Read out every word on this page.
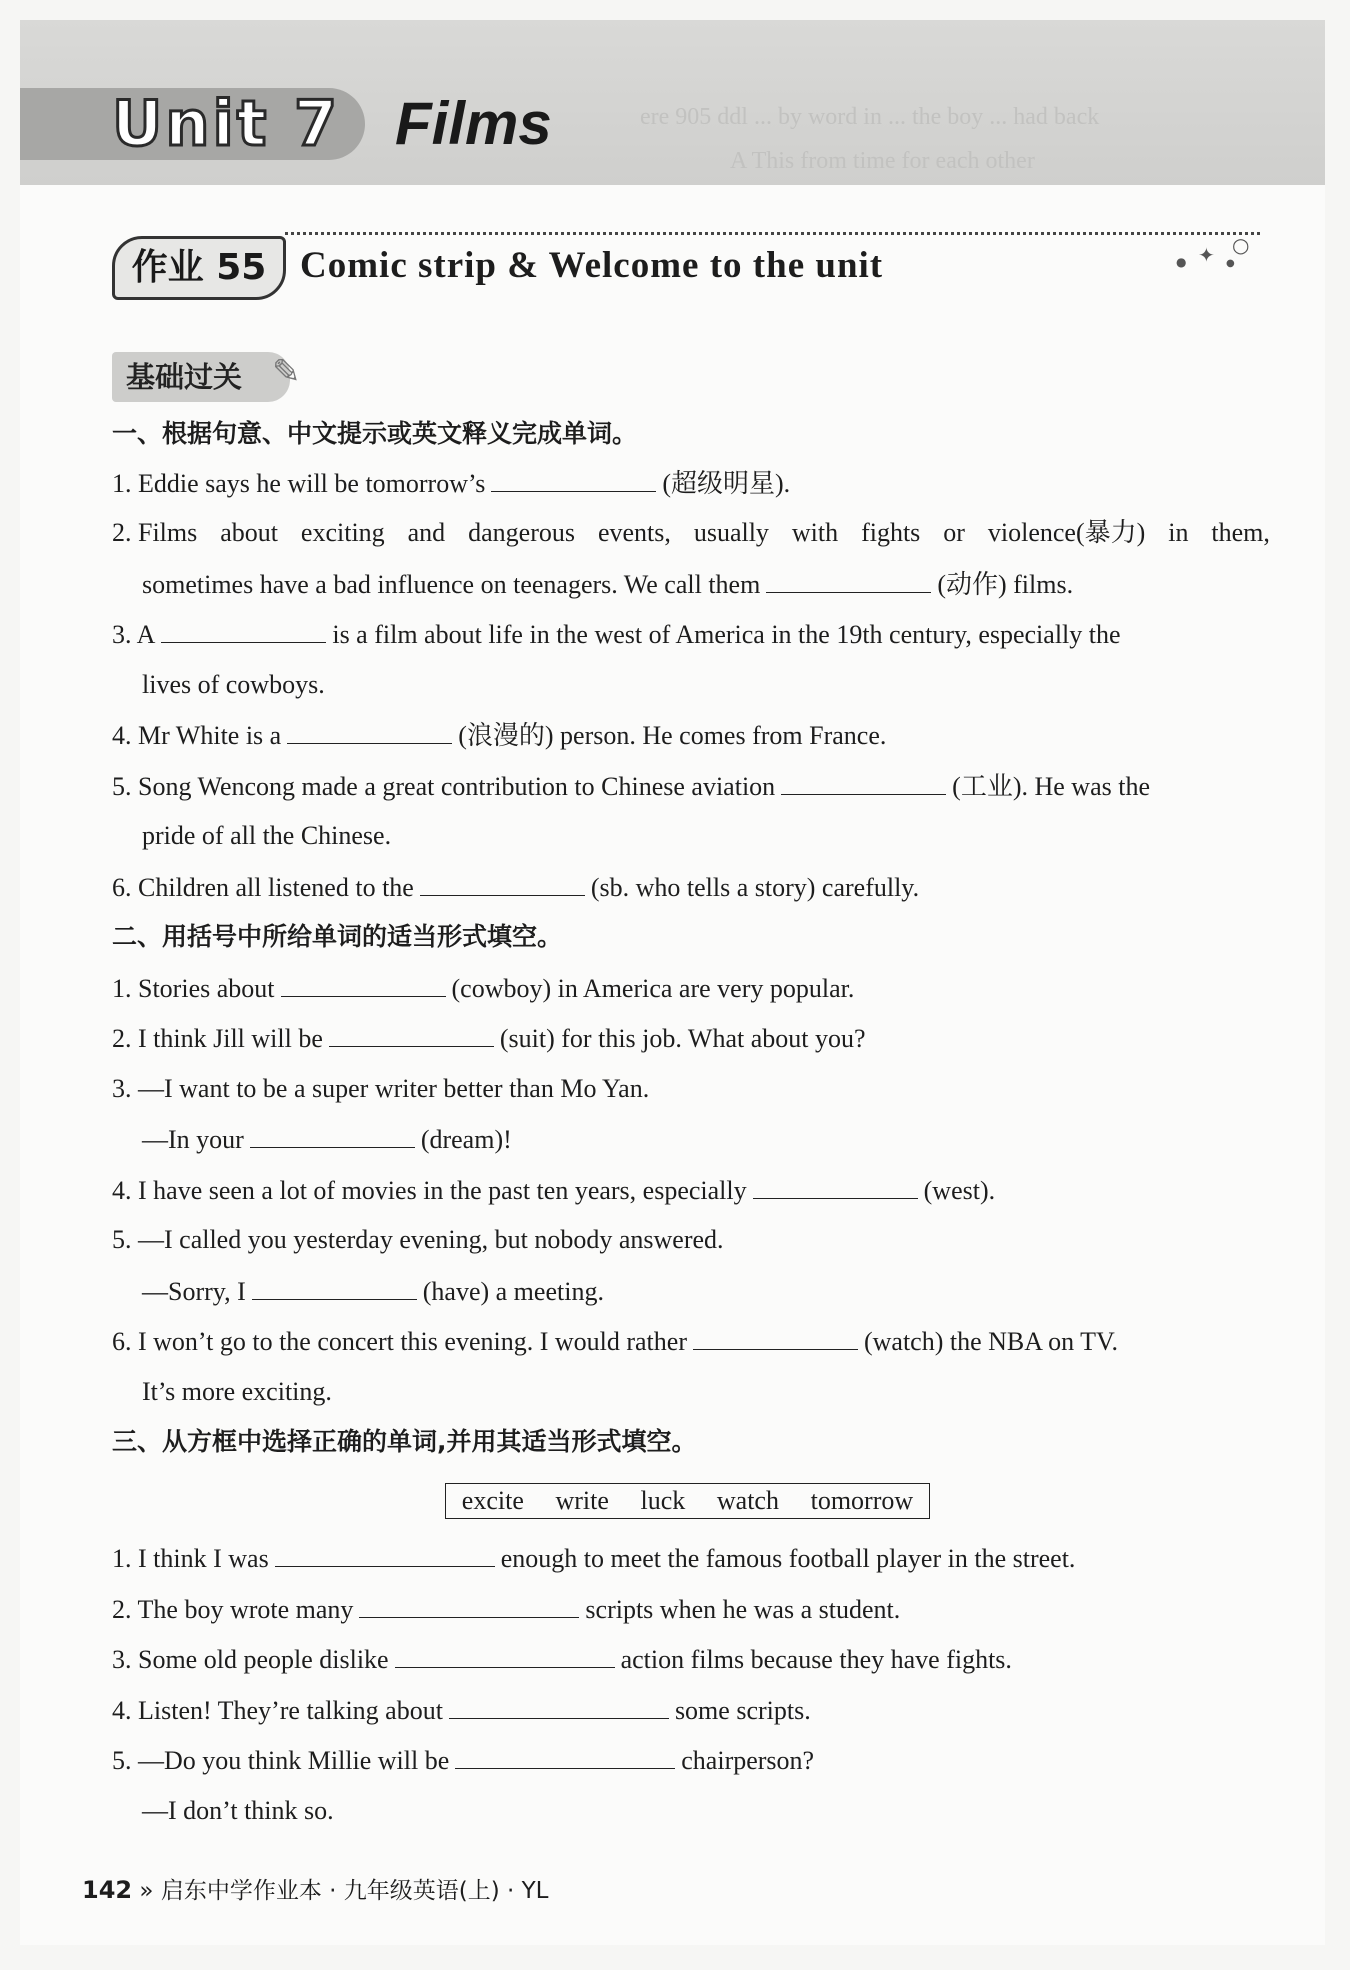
ere 905 ddl ... by word in ... the boy ... had back
A This from time for each other
Unit 7 Films
作业 55 Comic strip & Welcome to the unit	○
✦
●	●
基础过关 ✎
一、根据句意、中文提示或英文释义完成单词。
1. Eddie says he will be tomorrow’s	(超级明星).
2. Films about exciting and dangerous events, usually with fights or violence(暴力) in them,
sometimes have a bad influence on teenagers. We call them	(动作) films.
3. A	is a film about life in the west of America in the 19th century, especially the
lives of cowboys.
4. Mr White is a	(浪漫的) person. He comes from France.
5. Song Wencong made a great contribution to Chinese aviation	(工业). He was the
pride of all the Chinese.
6. Children all listened to the	(sb. who tells a story) carefully.
二、用括号中所给单词的适当形式填空。
1. Stories about	(cowboy) in America are very popular.
2. I think Jill will be	(suit) for this job. What about you?
3. —I want to be a super writer better than Mo Yan.
—In your	(dream)!
4. I have seen a lot of movies in the past ten years, especially	(west).
5. —I called you yesterday evening, but nobody answered.
—Sorry, I	(have) a meeting.
6. I won’t go to the concert this evening. I would rather	(watch) the NBA on TV.
It’s more exciting.
三、从方框中选择正确的单词,并用其适当形式填空。
excite write luck watch tomorrow
1. I think I was	enough to meet the famous football player in the street.
2. The boy wrote many	scripts when he was a student.
3. Some old people dislike	action films because they have fights.
4. Listen! They’re talking about	some scripts.
5. —Do you think Millie will be	chairperson?
—I don’t think so.
142 » 启东中学作业本 · 九年级英语(上) · YL
